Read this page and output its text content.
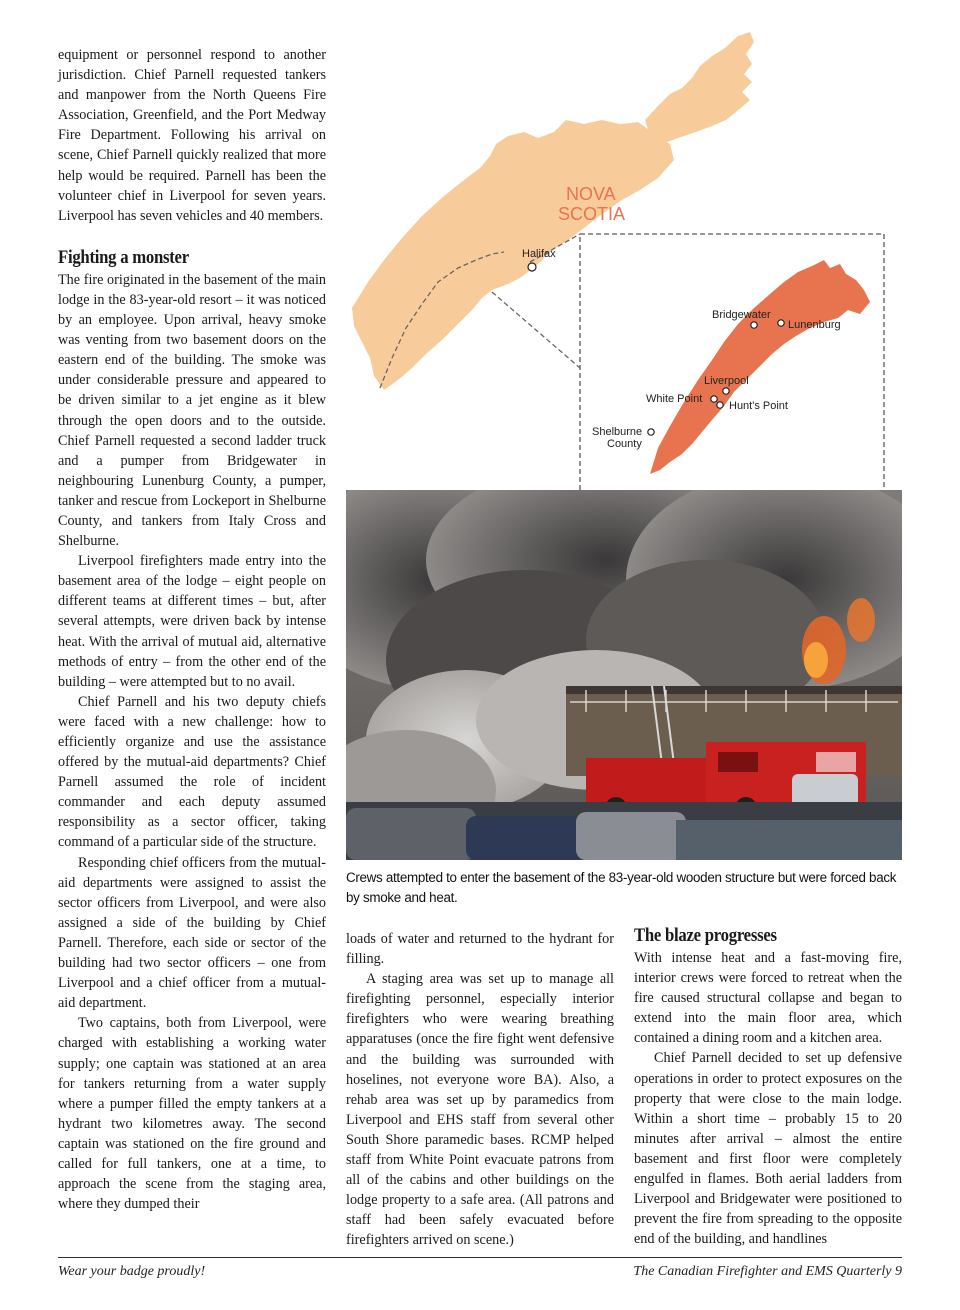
equipment or personnel respond to another jurisdiction. Chief Parnell requested tankers and manpower from the North Queens Fire Association, Greenfield, and the Port Medway Fire Department. Following his arrival on scene, Chief Parnell quickly realized that more help would be required. Parnell has been the volunteer chief in Liverpool for seven years. Liverpool has seven vehicles and 40 members.

Fighting a monster

The fire originated in the basement of the main lodge in the 83-year-old resort – it was noticed by an employee. Upon arrival, heavy smoke was venting from two basement doors on the eastern end of the building. The smoke was under considerable pressure and appeared to be driven similar to a jet engine as it blew through the open doors and to the outside. Chief Parnell requested a second ladder truck and a pumper from Bridgewater in neighbouring Lunenburg County, a pumper, tanker and rescue from Lockeport in Shelburne County, and tankers from Italy Cross and Shelburne.

Liverpool firefighters made entry into the basement area of the lodge – eight people on different teams at different times – but, after several attempts, were driven back by intense heat. With the arrival of mutual aid, alternative methods of entry – from the other end of the building – were attempted but to no avail.

Chief Parnell and his two deputy chiefs were faced with a new challenge: how to efficiently organize and use the assistance offered by the mutual-aid departments? Chief Parnell assumed the role of incident commander and each deputy assumed responsibility as a sector officer, taking command of a particular side of the structure.

Responding chief officers from the mutual-aid departments were assigned to assist the sector officers from Liverpool, and were also assigned a side of the building by Chief Parnell. Therefore, each side or sector of the building had two sector officers – one from Liverpool and a chief officer from a mutual-aid department.

Two captains, both from Liverpool, were charged with establishing a working water supply; one captain was stationed at an area for tankers returning from a water supply where a pumper filled the empty tankers at a hydrant two kilometres away. The second captain was stationed on the fire ground and called for full tankers, one at a time, to approach the scene from the staging area, where they dumped their

NOVA
SCOTIA
Halifax
Bridgewater
Lunenburg
Liverpool
White Point
Hunt's Point
Shelburne
County
Crews attempted to enter the basement of the 83-year-old wooden structure but were forced back by smoke and heat.

loads of water and returned to the hydrant for filling.

A staging area was set up to manage all firefighting personnel, especially interior firefighters who were wearing breathing apparatuses (once the fire fight went defensive and the building was surrounded with hoselines, not everyone wore BA). Also, a rehab area was set up by paramedics from Liverpool and EHS staff from several other South Shore paramedic bases. RCMP helped staff from White Point evacuate patrons from all of the cabins and other buildings on the lodge property to a safe area. (All patrons and staff had been safely evacuated before firefighters arrived on scene.)

The blaze progresses

With intense heat and a fast-moving fire, interior crews were forced to retreat when the fire caused structural collapse and began to extend into the main floor area, which contained a dining room and a kitchen area.

Chief Parnell decided to set up defensive operations in order to protect exposures on the property that were close to the main lodge. Within a short time – probably 15 to 20 minutes after arrival – almost the entire basement and first floor were completely engulfed in flames. Both aerial ladders from Liverpool and Bridgewater were positioned to prevent the fire from spreading to the opposite end of the building, and handlines

Wear your badge proudly!	The Canadian Firefighter and EMS Quarterly 9
